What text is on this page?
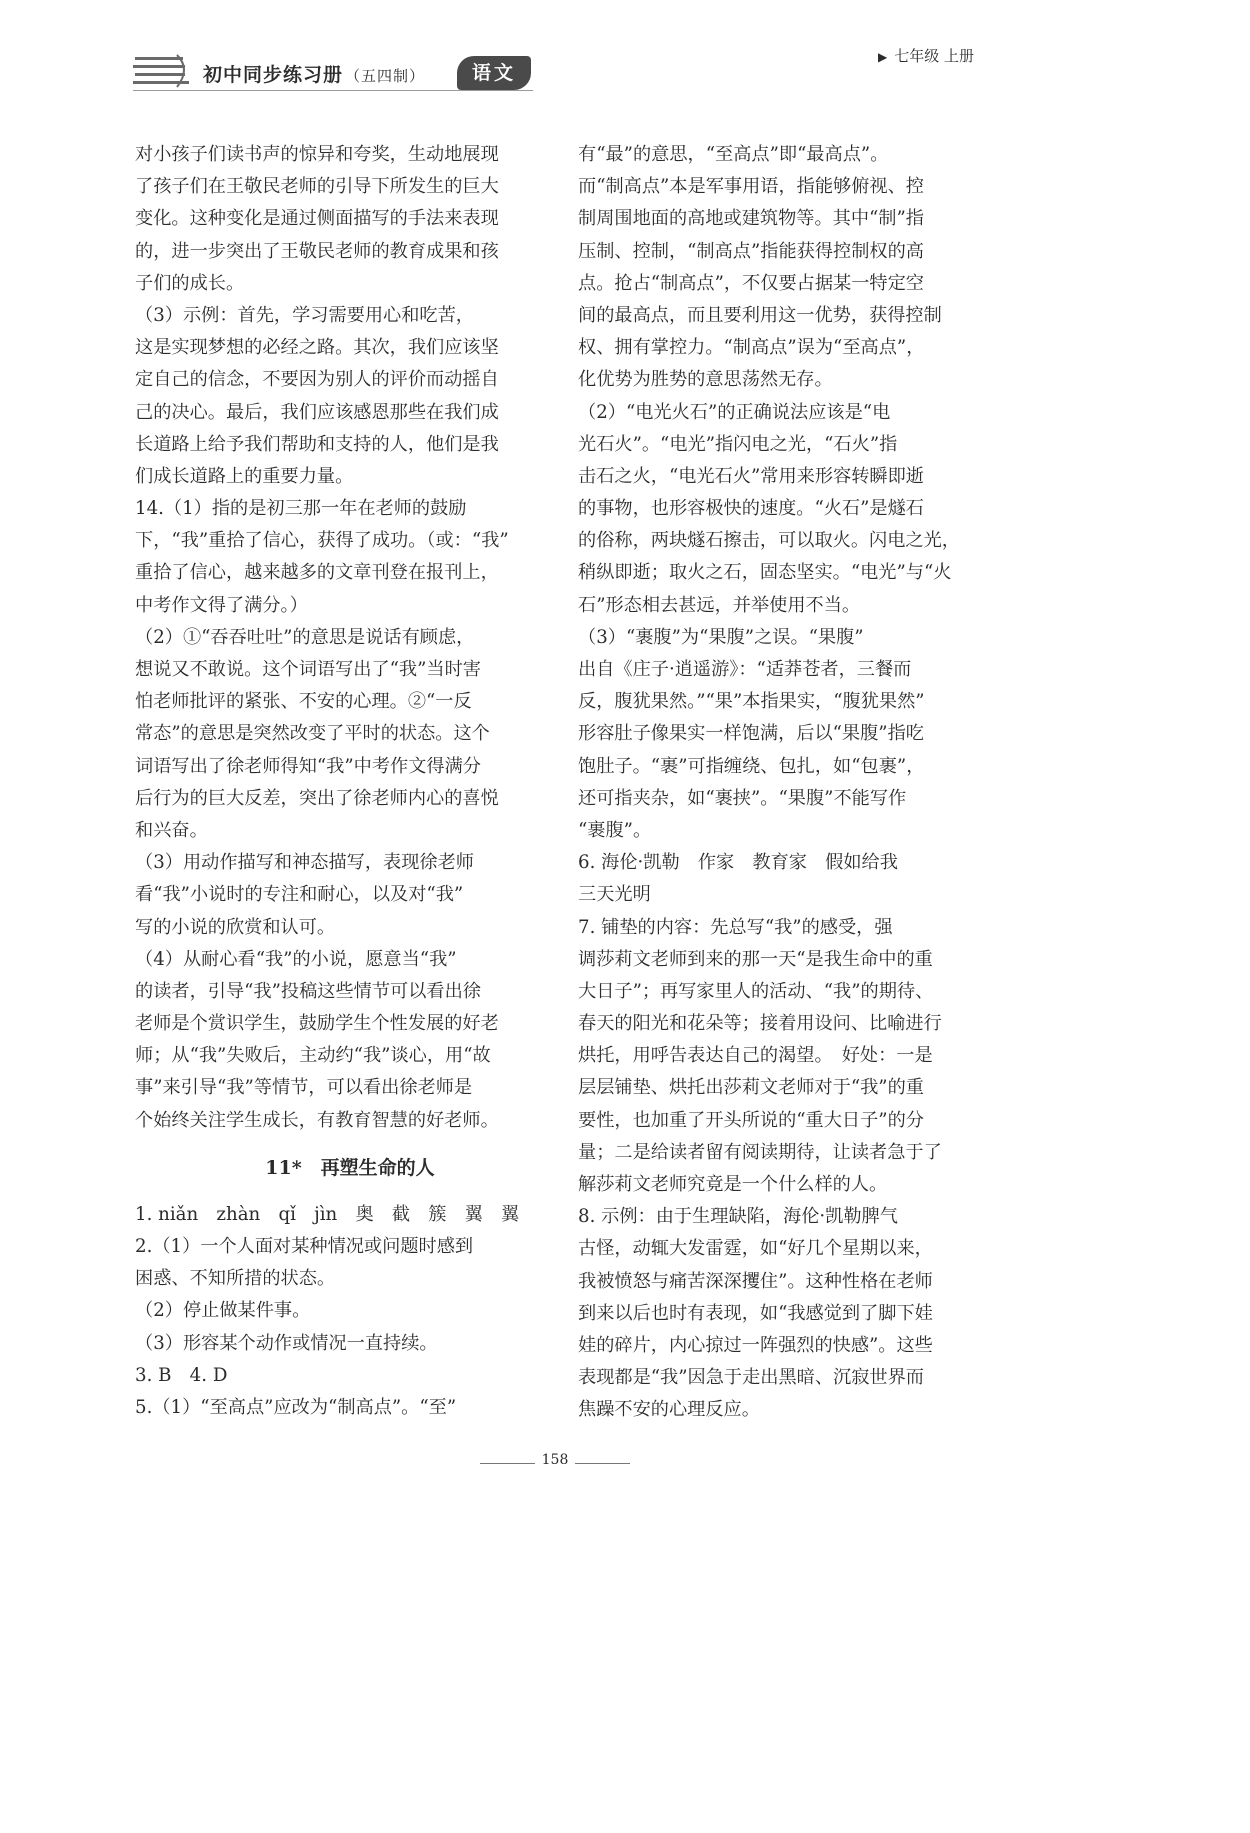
初中同步练习册 （五四制）	语文
▶ 七年级 上册

对小孩子们读书声的惊异和夸奖，生动地展现
了孩子们在王敬民老师的引导下所发生的巨大
变化。这种变化是通过侧面描写的手法来表现
的，进一步突出了王敬民老师的教育成果和孩
子们的成长。

（3）示例：首先，学习需要用心和吃苦，
这是实现梦想的必经之路。其次，我们应该坚
定自己的信念，不要因为别人的评价而动摇自
己的决心。最后，我们应该感恩那些在我们成
长道路上给予我们帮助和支持的人，他们是我
们成长道路上的重要力量。

14.（1）指的是初三那一年在老师的鼓励
下，“我”重拾了信心，获得了成功。（或：“我”
重拾了信心，越来越多的文章刊登在报刊上，
中考作文得了满分。）

（2）①“吞吞吐吐”的意思是说话有顾虑，
想说又不敢说。这个词语写出了“我”当时害
怕老师批评的紧张、不安的心理。②“一反
常态”的意思是突然改变了平时的状态。这个
词语写出了徐老师得知“我”中考作文得满分
后行为的巨大反差，突出了徐老师内心的喜悦
和兴奋。

（3）用动作描写和神态描写，表现徐老师
看“我”小说时的专注和耐心，以及对“我”
写的小说的欣赏和认可。

（4）从耐心看“我”的小说，愿意当“我”
的读者，引导“我”投稿这些情节可以看出徐
老师是个赏识学生，鼓励学生个性发展的好老
师；从“我”失败后，主动约“我”谈心，用“故
事”来引导“我”等情节，可以看出徐老师是
个始终关注学生成长，有教育智慧的好老师。

11*　再塑生命的人

1. niǎn　zhàn　qǐ　jìn　奥　截　簇　翼　翼

2.（1）一个人面对某种情况或问题时感到
困惑、不知所措的状态。

（2）停止做某件事。

（3）形容某个动作或情况一直持续。

3. B　4. D

5.（1）“至高点”应改为“制高点”。“至”

有“最”的意思，“至高点”即“最高点”。
而“制高点”本是军事用语，指能够俯视、控
制周围地面的高地或建筑物等。其中“制”指
压制、控制，“制高点”指能获得控制权的高
点。抢占“制高点”，不仅要占据某一特定空
间的最高点，而且要利用这一优势，获得控制
权、拥有掌控力。“制高点”误为“至高点”，
化优势为胜势的意思荡然无存。

（2）“电光火石”的正确说法应该是“电
光石火”。“电光”指闪电之光，“石火”指
击石之火，“电光石火”常用来形容转瞬即逝
的事物，也形容极快的速度。“火石”是燧石
的俗称，两块燧石擦击，可以取火。闪电之光，
稍纵即逝；取火之石，固态坚实。“电光”与“火
石”形态相去甚远，并举使用不当。

（3）“裹腹”为“果腹”之误。“果腹”
出自《庄子·逍遥游》：“适莽苍者，三餐而
反，腹犹果然。”“果”本指果实，“腹犹果然”
形容肚子像果实一样饱满，后以“果腹”指吃
饱肚子。“裹”可指缠绕、包扎，如“包裹”，
还可指夹杂，如“裹挟”。“果腹”不能写作
“裹腹”。

6. 海伦·凯勒　作家　教育家　假如给我
三天光明

7. 铺垫的内容：先总写“我”的感受，强
调莎莉文老师到来的那一天“是我生命中的重
大日子”；再写家里人的活动、“我”的期待、
春天的阳光和花朵等；接着用设问、比喻进行
烘托，用呼告表达自己的渴望。　好处：一是
层层铺垫、烘托出莎莉文老师对于“我”的重
要性，也加重了开头所说的“重大日子”的分
量；二是给读者留有阅读期待，让读者急于了
解莎莉文老师究竟是一个什么样的人。

8. 示例：由于生理缺陷，海伦·凯勒脾气
古怪，动辄大发雷霆，如“好几个星期以来，
我被愤怒与痛苦深深攫住”。这种性格在老师
到来以后也时有表现，如“我感觉到了脚下娃
娃的碎片，内心掠过一阵强烈的快感”。这些
表现都是“我”因急于走出黑暗、沉寂世界而
焦躁不安的心理反应。

158
